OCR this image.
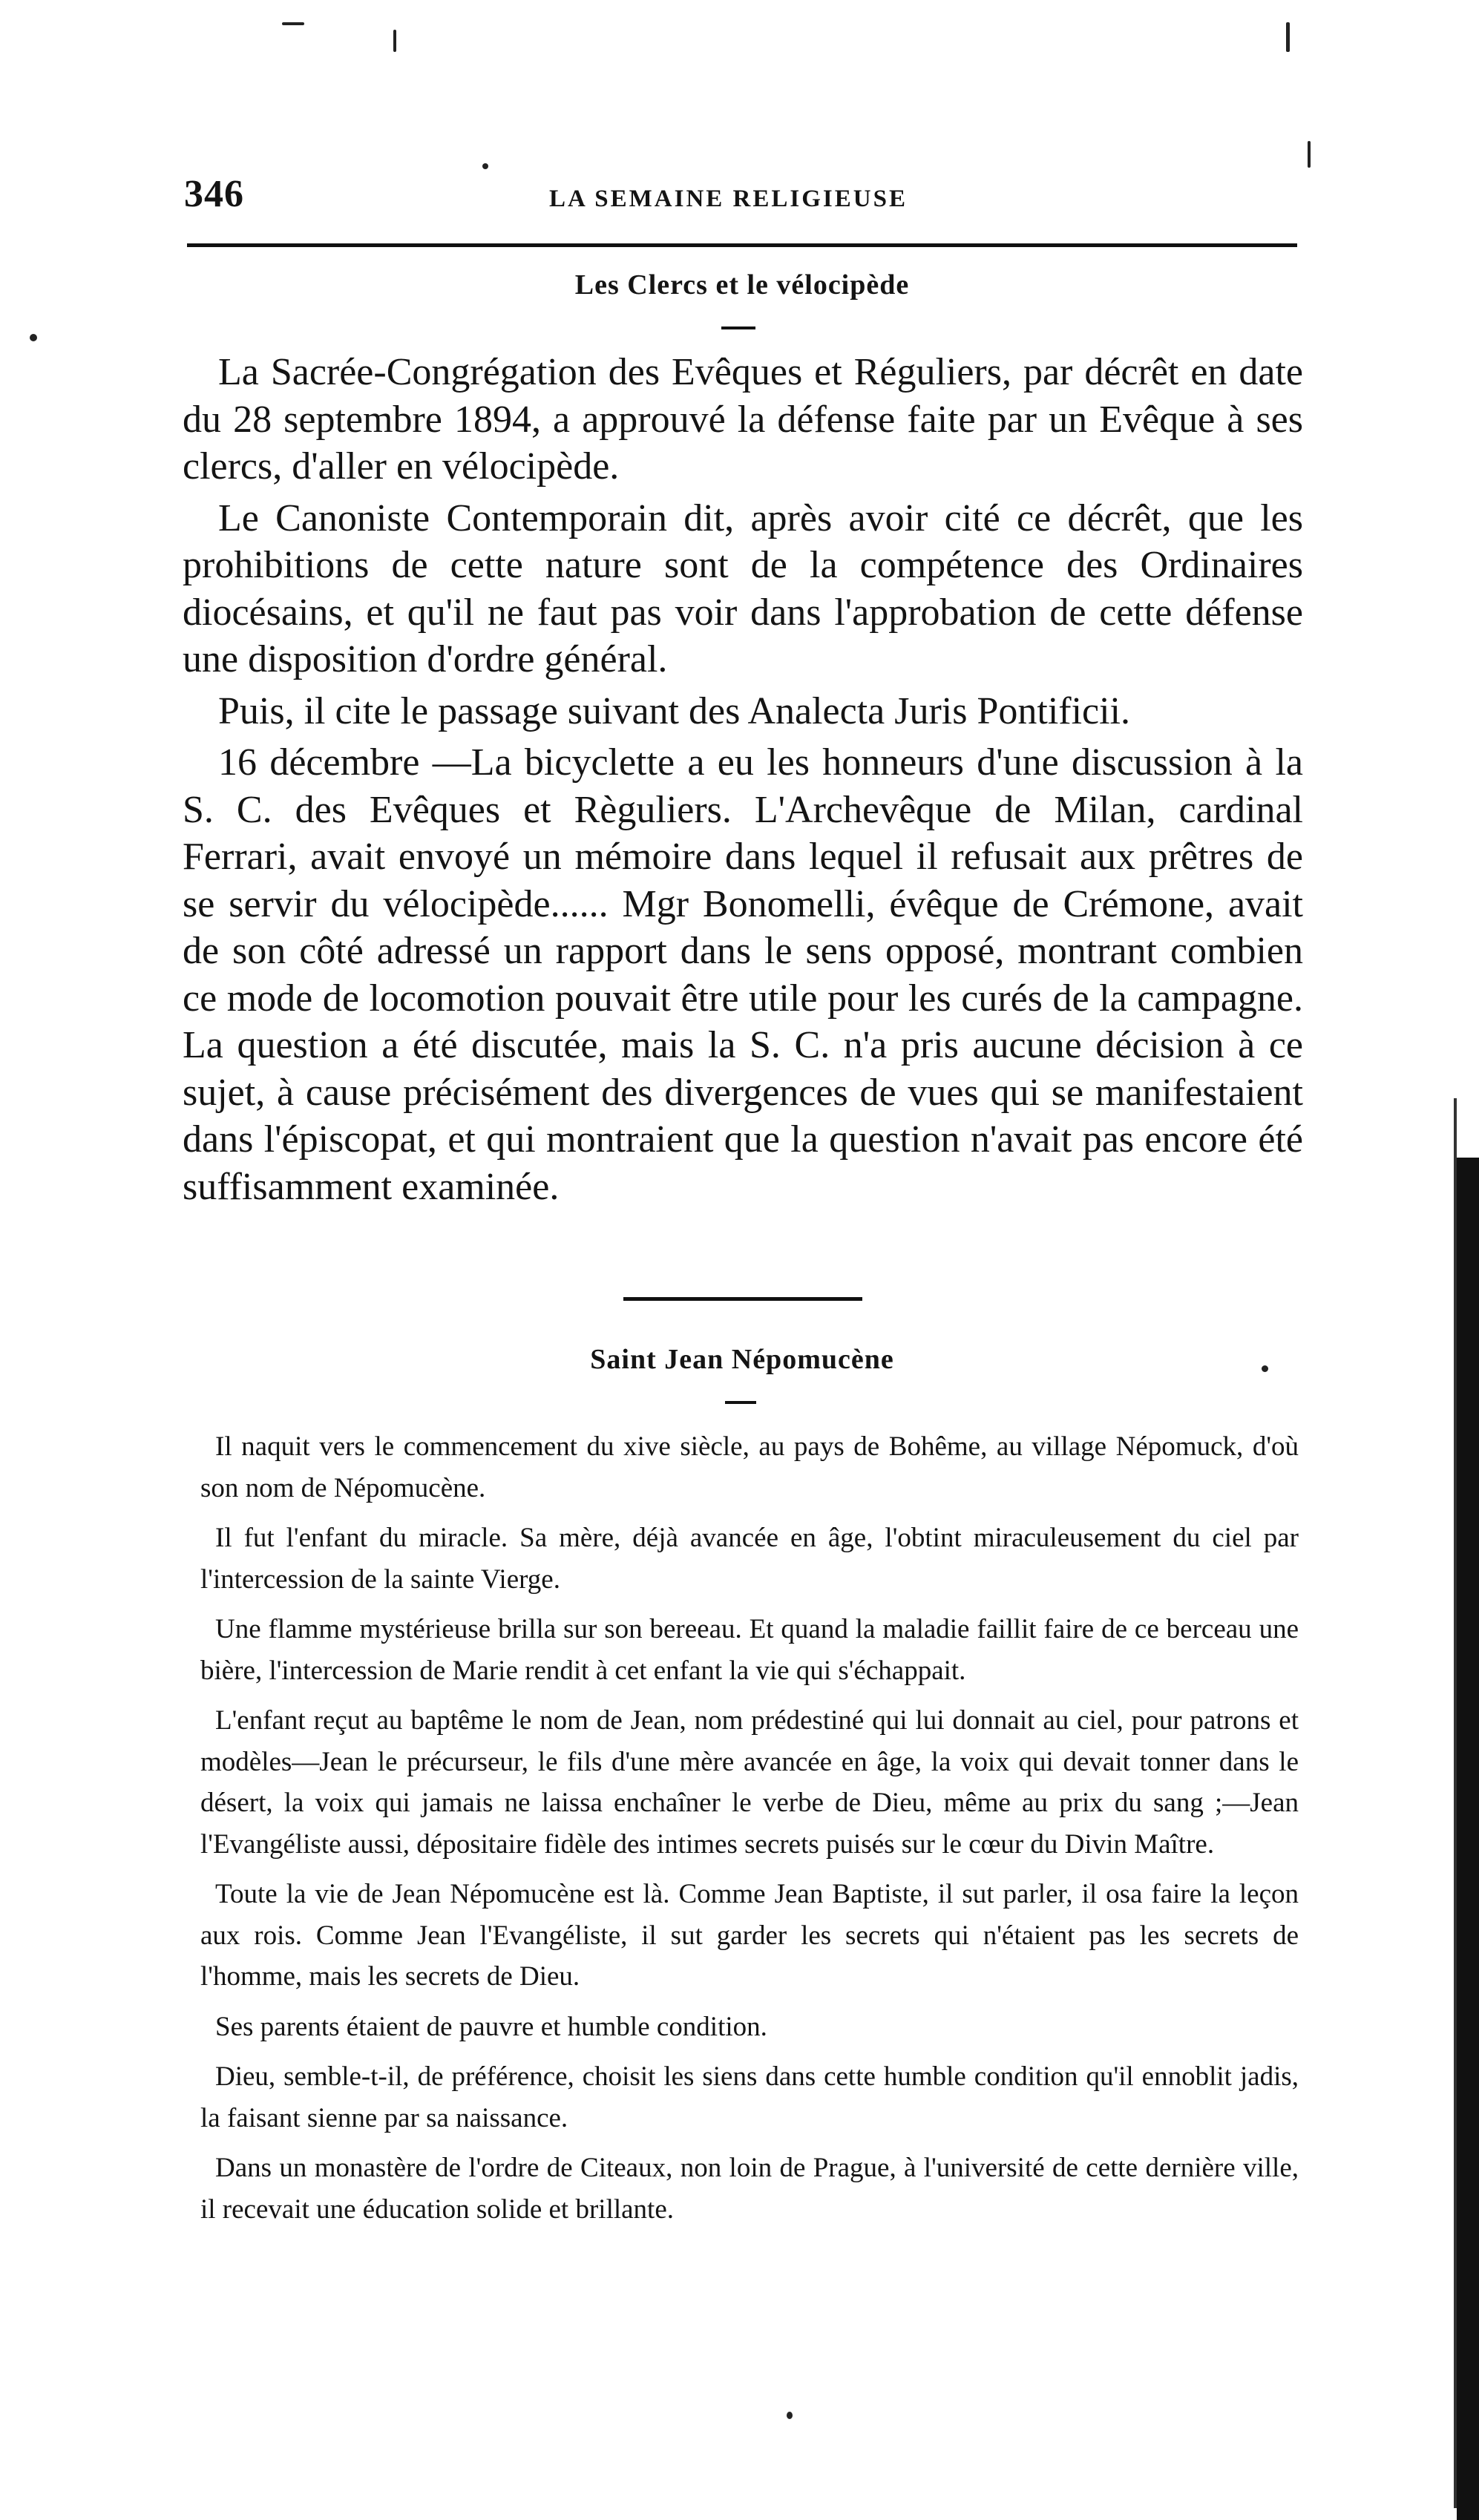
346	LA SEMAINE RELIGIEUSE
Les Clercs et le vélocipède

La Sacrée-Congrégation des Evêques et Réguliers, par décrêt en date du 28 septembre 1894, a approuvé la défense faite par un Evêque à ses clercs, d'aller en vélocipède.

Le Canoniste Contemporain dit, après avoir cité ce décrêt, que les prohibitions de cette nature sont de la compétence des Ordinaires diocésains, et qu'il ne faut pas voir dans l'approbation de cette défense une disposition d'ordre général.

Puis, il cite le passage suivant des Analecta Juris Pontificii.

16 décembre —La bicyclette a eu les honneurs d'une discussion à la S. C. des Evêques et Règuliers. L'Archevêque de Milan, cardinal Ferrari, avait envoyé un mémoire dans lequel il refusait aux prêtres de se servir du vélocipède...... Mgr Bonomelli, évêque de Crémone, avait de son côté adressé un rapport dans le sens opposé, montrant combien ce mode de locomotion pouvait être utile pour les curés de la campagne. La question a été discutée, mais la S. C. n'a pris aucune décision à ce sujet, à cause précisément des divergences de vues qui se manifestaient dans l'épiscopat, et qui montraient que la question n'avait pas encore été suffisamment examinée.

Saint Jean Népomucène

Il naquit vers le commencement du xive siècle, au pays de Bohême, au village Népomuck, d'où son nom de Népomucène.

Il fut l'enfant du miracle. Sa mère, déjà avancée en âge, l'obtint miraculeusement du ciel par l'intercession de la sainte Vierge.

Une flamme mystérieuse brilla sur son bereeau. Et quand la maladie faillit faire de ce berceau une bière, l'intercession de Marie rendit à cet enfant la vie qui s'échappait.

L'enfant reçut au baptême le nom de Jean, nom prédestiné qui lui donnait au ciel, pour patrons et modèles—Jean le précurseur, le fils d'une mère avancée en âge, la voix qui devait tonner dans le désert, la voix qui jamais ne laissa enchaîner le verbe de Dieu, même au prix du sang ;—Jean l'Evangéliste aussi, dépositaire fidèle des intimes secrets puisés sur le cœur du Divin Maître.

Toute la vie de Jean Népomucène est là. Comme Jean Baptiste, il sut parler, il osa faire la leçon aux rois. Comme Jean l'Evangéliste, il sut garder les secrets qui n'étaient pas les secrets de l'homme, mais les secrets de Dieu.

Ses parents étaient de pauvre et humble condition.

Dieu, semble-t-il, de préférence, choisit les siens dans cette humble condition qu'il ennoblit jadis, la faisant sienne par sa naissance.

Dans un monastère de l'ordre de Citeaux, non loin de Prague, à l'université de cette dernière ville, il recevait une éducation solide et brillante.
